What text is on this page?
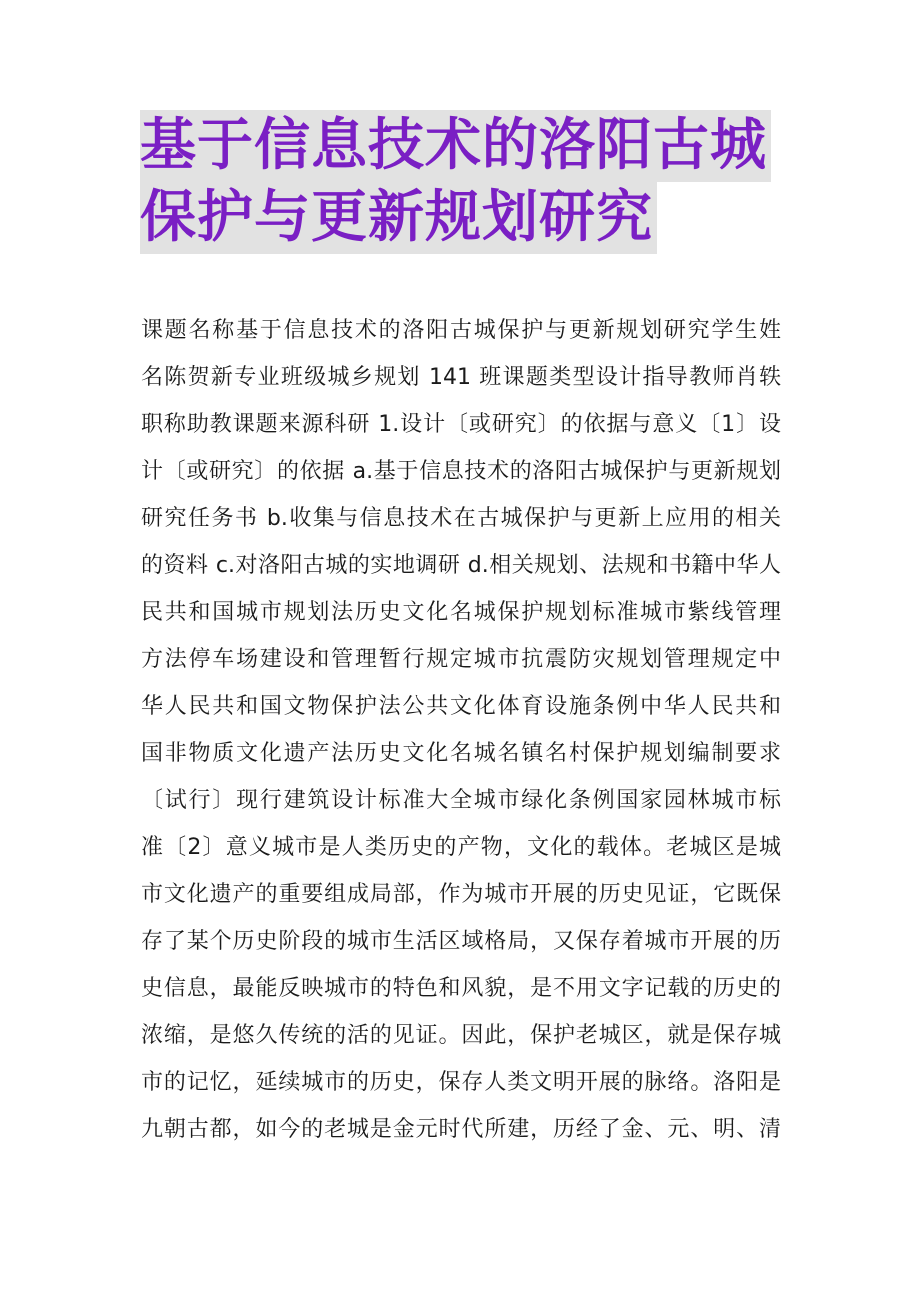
基于信息技术的洛阳古城
保护与更新规划研究
课题名称基于信息技术的洛阳古城保护与更新规划研究学生姓
名陈贺新专业班级城乡规划 141 班课题类型设计指导教师肖轶
职称助教课题来源科研 1.设计〔或研究〕的依据与意义〔1〕设
计〔或研究〕的依据 a.基于信息技术的洛阳古城保护与更新规划
研究任务书 b.收集与信息技术在古城保护与更新上应用的相关
的资料 c.对洛阳古城的实地调研 d.相关规划、法规和书籍中华人
民共和国城市规划法历史文化名城保护规划标准城市紫线管理
方法停车场建设和管理暂行规定城市抗震防灾规划管理规定中
华人民共和国文物保护法公共文化体育设施条例中华人民共和
国非物质文化遗产法历史文化名城名镇名村保护规划编制要求
〔试行〕现行建筑设计标准大全城市绿化条例国家园林城市标
准〔2〕意义城市是人类历史的产物，文化的载体。老城区是城
市文化遗产的重要组成局部，作为城市开展的历史见证，它既保
存了某个历史阶段的城市生活区域格局，又保存着城市开展的历
史信息，最能反映城市的特色和风貌，是不用文字记载的历史的
浓缩，是悠久传统的活的见证。因此，保护老城区，就是保存城
市的记忆，延续城市的历史，保存人类文明开展的脉络。洛阳是
九朝古都，如今的老城是金元时代所建，历经了金、元、明、清
